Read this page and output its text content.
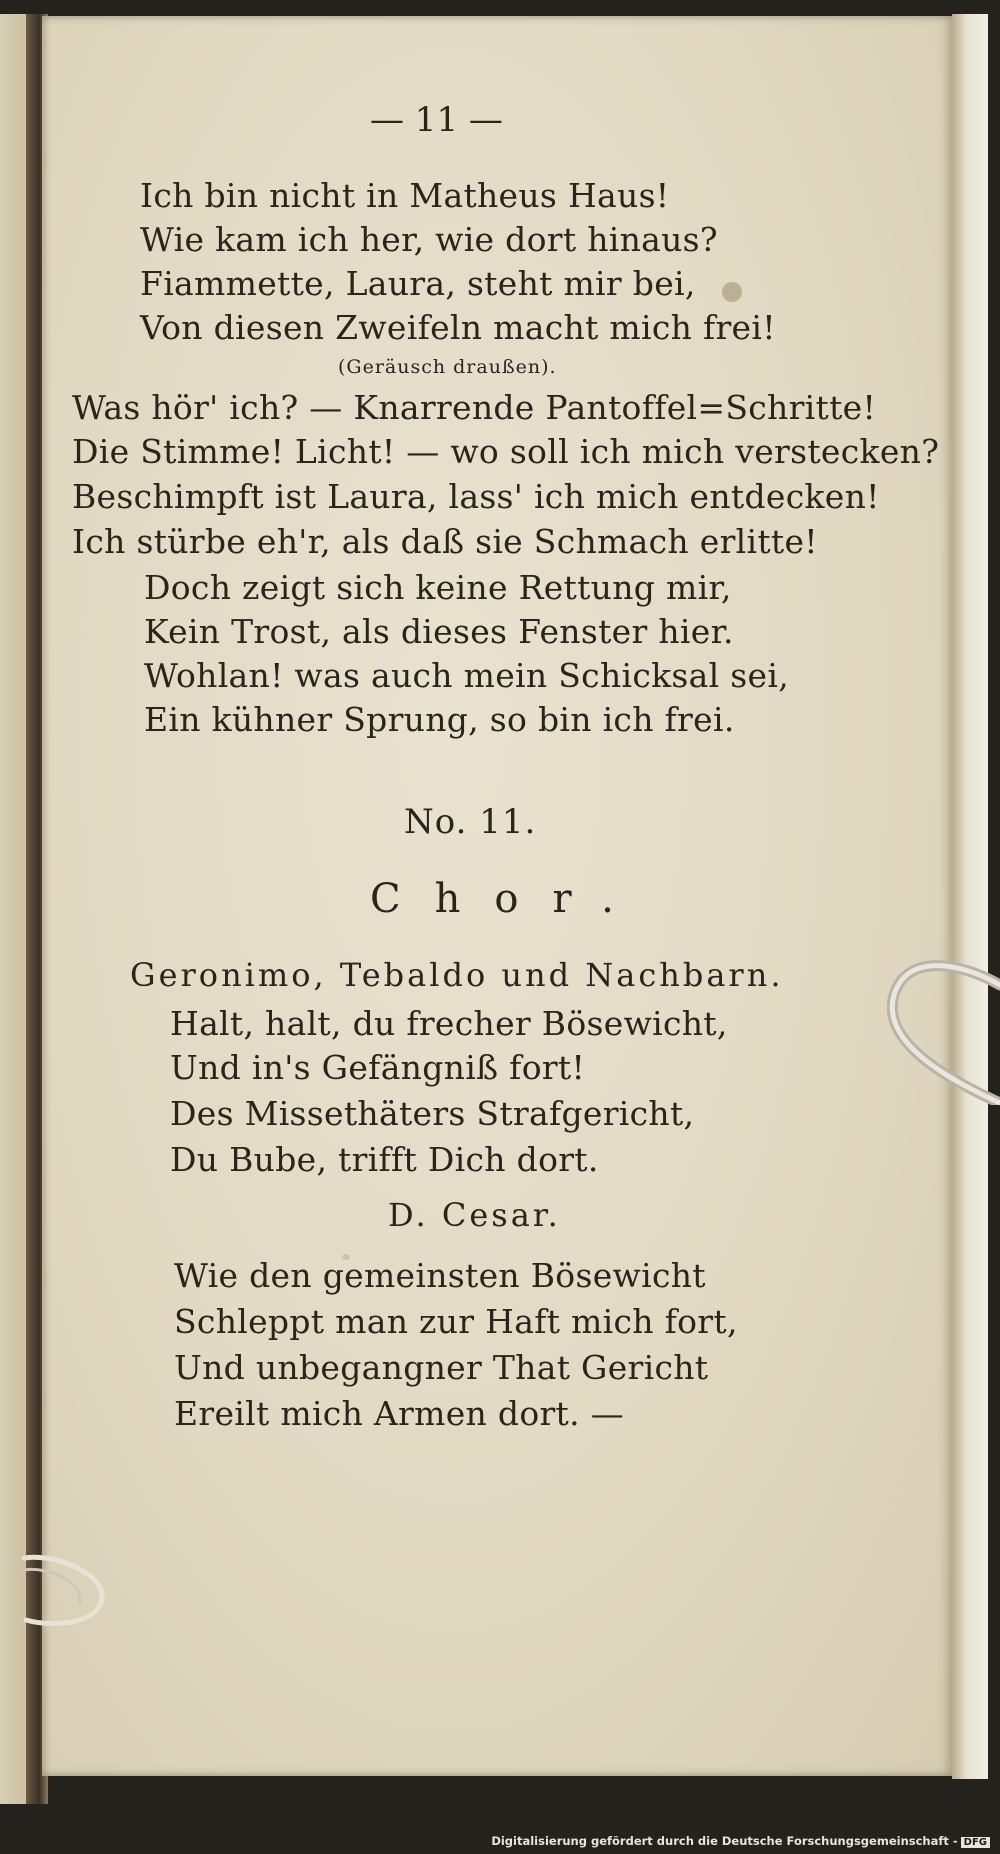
— 11 —
Ich bin nicht in Matheus Haus!
Wie kam ich her, wie dort hinaus?
Fiammette, Laura, steht mir bei,
Von diesen Zweifeln macht mich frei!
(Geräusch draußen).
Was hör' ich? — Knarrende Pantoffel=Schritte!
Die Stimme! Licht! — wo soll ich mich verstecken?
Beschimpft ist Laura, lass' ich mich entdecken!
Ich stürbe eh'r, als daß sie Schmach erlitte!
Doch zeigt sich keine Rettung mir,
Kein Trost, als dieses Fenster hier.
Wohlan! was auch mein Schicksal sei,
Ein kühner Sprung, so bin ich frei.
No. 11.
Chor.
Geronimo, Tebaldo und Nachbarn.
Halt, halt, du frecher Bösewicht,
Und in's Gefängniß fort!
Des Missethäters Strafgericht,
Du Bube, trifft Dich dort.
D. Cesar.
Wie den gemeinsten Bösewicht
Schleppt man zur Haft mich fort,
Und unbegangner That Gericht
Ereilt mich Armen dort. —
Digitalisierung gefördert durch die Deutsche Forschungsgemeinschaft - DFG
